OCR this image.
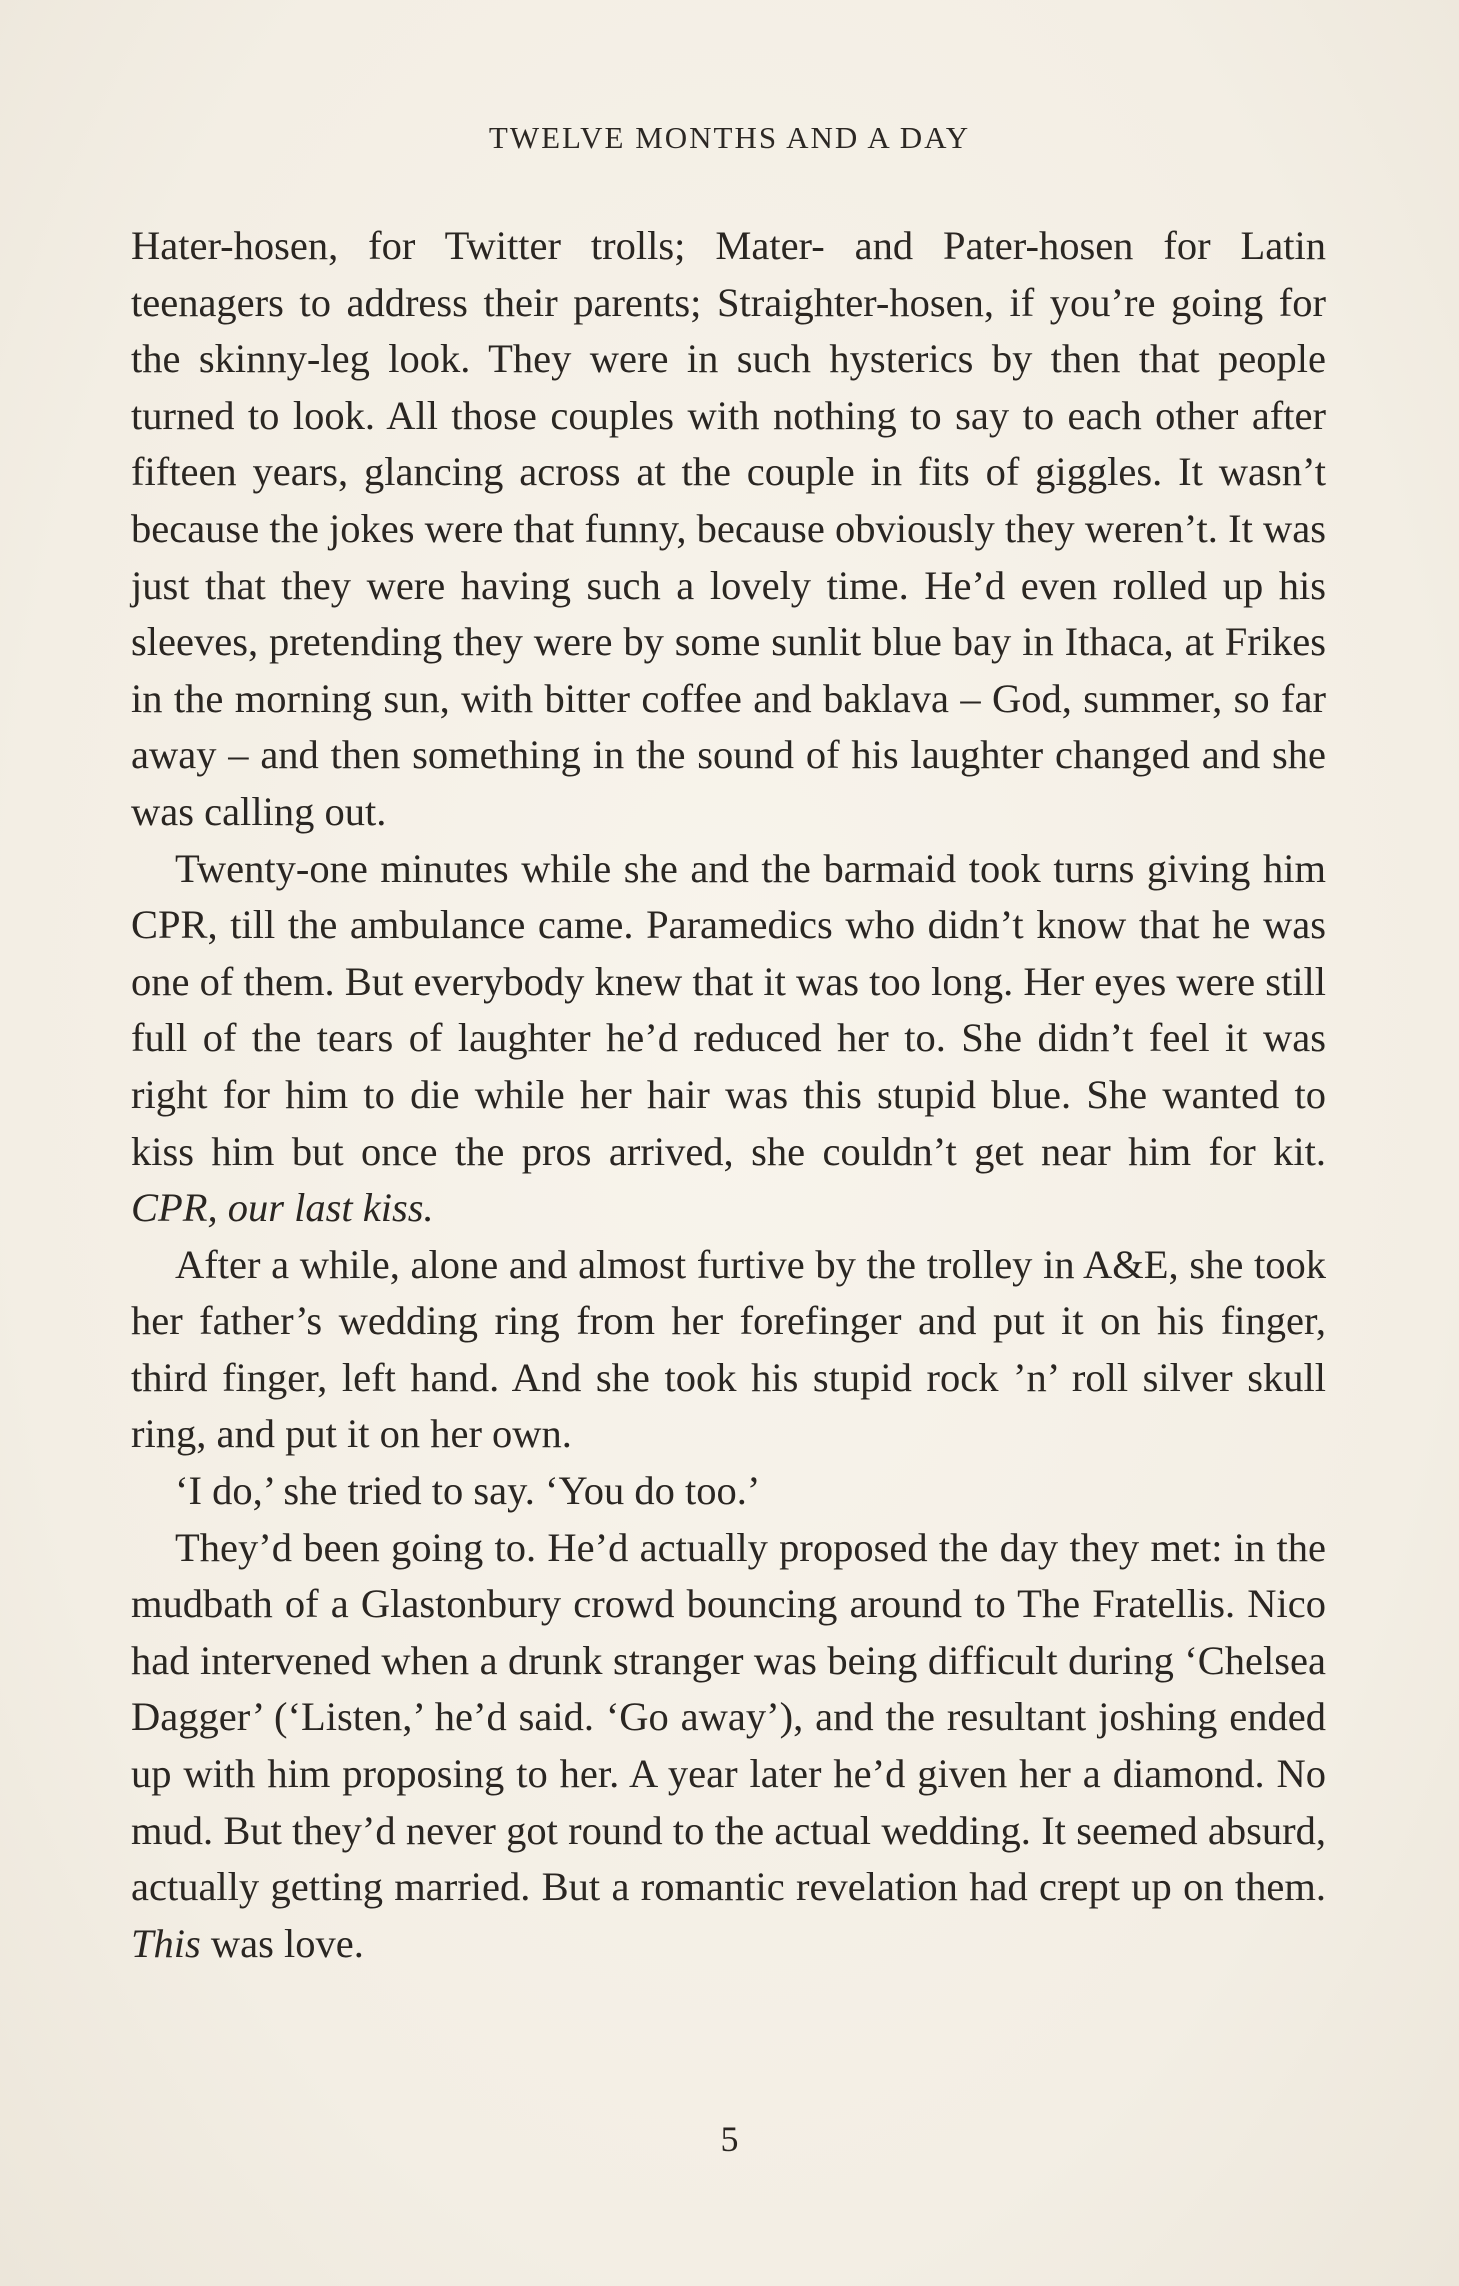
TWELVE MONTHS AND A DAY

Hater-hosen, for Twitter trolls; Mater- and Pater-hosen for Latin teenagers to address their parents; Straighter-hosen, if you’re going for the skinny-leg look. They were in such hysterics by then that people turned to look. All those couples with nothing to say to each other after fifteen years, glancing across at the couple in fits of giggles. It wasn’t because the jokes were that funny, because obviously they weren’t. It was just that they were having such a lovely time. He’d even rolled up his sleeves, pretending they were by some sunlit blue bay in Ithaca, at Frikes in the morning sun, with bitter coffee and baklava – God, summer, so far away – and then something in the sound of his laughter changed and she was calling out.

Twenty-one minutes while she and the barmaid took turns giving him CPR, till the ambulance came. Paramedics who didn’t know that he was one of them. But everybody knew that it was too long. Her eyes were still full of the tears of laughter he’d reduced her to. She didn’t feel it was right for him to die while her hair was this stupid blue. She wanted to kiss him but once the pros arrived, she couldn’t get near him for kit. CPR, our last kiss.

After a while, alone and almost furtive by the trolley in A&E, she took her father’s wedding ring from her forefinger and put it on his finger, third finger, left hand. And she took his stupid rock ’n’ roll silver skull ring, and put it on her own.

‘I do,’ she tried to say. ‘You do too.’

They’d been going to. He’d actually proposed the day they met: in the mudbath of a Glastonbury crowd bouncing around to The Fratellis. Nico had intervened when a drunk stranger was being difficult during ‘Chelsea Dagger’ (‘Listen,’ he’d said. ‘Go away’), and the resultant joshing ended up with him proposing to her. A year later he’d given her a diamond. No mud. But they’d never got round to the actual wedding. It seemed absurd, actually getting married. But a romantic revelation had crept up on them. This was love.

5
